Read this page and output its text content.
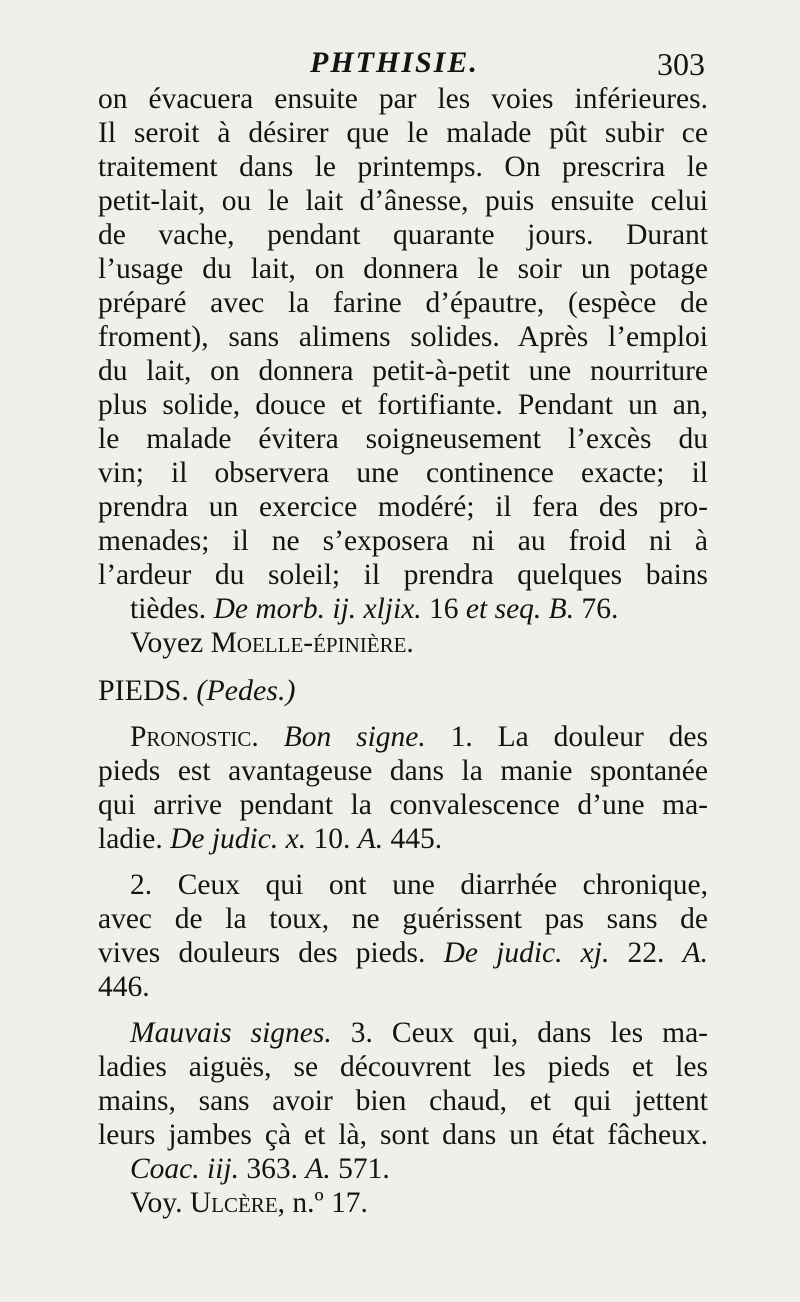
PHTHISIE.	303
on évacuera ensuite par les voies inférieures.
Il seroit à désirer que le malade pût subir ce
traitement dans le printemps. On prescrira le
petit-lait, ou le lait d’ânesse, puis ensuite celui
de vache, pendant quarante jours. Durant
l’usage du lait, on donnera le soir un potage
préparé avec la farine d’épautre, (espèce de
froment), sans alimens solides. Après l’emploi
du lait, on donnera petit-à-petit une nourriture
plus solide, douce et fortifiante. Pendant un an,
le malade évitera soigneusement l’excès du
vin; il observera une continence exacte; il
prendra un exercice modéré; il fera des pro-
menades; il ne s’exposera ni au froid ni à
l’ardeur du soleil; il prendra quelques bains
tièdes. De morb. ij. xljix. 16 et seq. B. 76.
Voyez Moelle-épinière.
PIEDS. (Pedes.)
Pronostic. Bon signe. 1. La douleur des
pieds est avantageuse dans la manie spontanée
qui arrive pendant la convalescence d’une ma-
ladie. De judic. x. 10. A. 445.
2. Ceux qui ont une diarrhée chronique,
avec de la toux, ne guérissent pas sans de
vives douleurs des pieds. De judic. xj. 22. A.
446.
Mauvais signes. 3. Ceux qui, dans les ma-
ladies aiguës, se découvrent les pieds et les
mains, sans avoir bien chaud, et qui jettent
leurs jambes çà et là, sont dans un état fâcheux.
Coac. iij. 363. A. 571.
Voy. Ulcère, n.º 17.
